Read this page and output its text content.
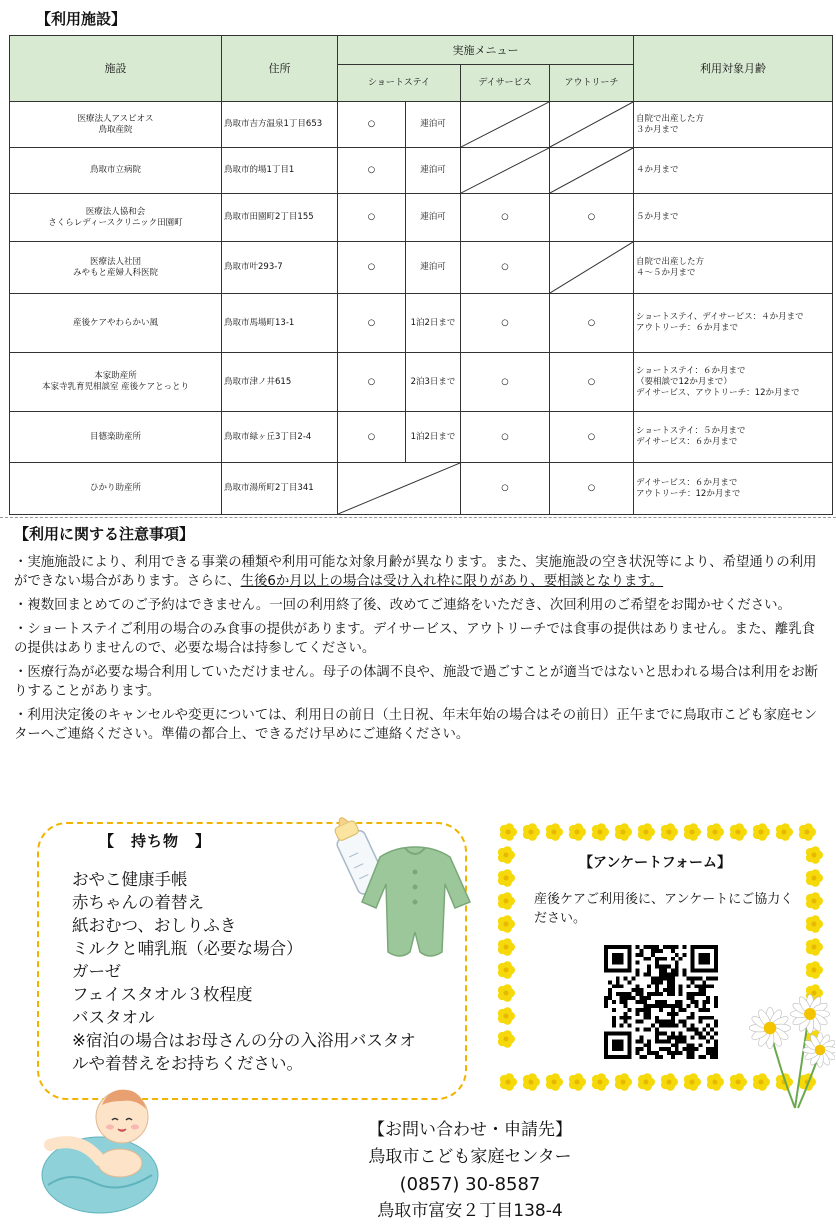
【利用施設】
施設	住所	実施メニュー				利用対象月齢
		ショートステイ		デイサービス	アウトリーチ	
医療法人アスピオス
鳥取産院	鳥取市吉方温泉1丁目653	○	連泊可			自院で出産した方
３か月まで
鳥取市立病院	鳥取市的場1丁目1	○	連泊可			４か月まで
医療法人協和会
さくらレディースクリニック田園町	鳥取市田園町2丁目155	○	連泊可	○	○	５か月まで
医療法人社団
みやもと産婦人科医院	鳥取市叶293-7	○	連泊可	○		自院で出産した方
４～５か月まで
産後ケアやわらかい風	鳥取市馬場町13-1	○	1泊2日まで	○	○	ショートステイ、デイサービス：４か月まで
アウトリーチ：６か月まで
本家助産所
本家寺乳育児相談室 産後ケアとっとり	鳥取市津ノ井615	○	2泊3日まで	○	○	ショートステイ：６か月まで
（要相談で12か月まで）
デイサービス、アウトリーチ：12か月まで
目德楽助産所	鳥取市緑ヶ丘3丁目2-4	○	1泊2日まで	○	○	ショートステイ：５か月まで
デイサービス：６か月まで
ひかり助産所	鳥取市湯所町2丁目341			○	○	デイサービス：６か月まで
アウトリーチ：12か月まで
【利用に関する注意事項】

・実施施設により、利用できる事業の種類や利用可能な対象月齢が異なります。また、実施施設の空き状況等により、希望通りの利用ができない場合があります。さらに、生後6か月以上の場合は受け入れ枠に限りがあり、要相談となります。

・複数回まとめてのご予約はできません。一回の利用終了後、改めてご連絡をいただき、次回利用のご希望をお聞かせください。

・ショートステイご利用の場合のみ食事の提供があります。デイサービス、アウトリーチでは食事の提供はありません。また、離乳食の提供はありませんので、必要な場合は持参してください。

・医療行為が必要な場合利用していただけません。母子の体調不良や、施設で過ごすことが適当ではないと思われる場合は利用をお断りすることがあります。

・利用決定後のキャンセルや変更については、利用日の前日（土日祝、年末年始の場合はその前日）正午までに鳥取市こども家庭センターへご連絡ください。準備の都合上、できるだけ早めにご連絡ください。

【　持ち物　】
おやこ健康手帳
赤ちゃんの着替え
紙おむつ、おしりふき
ミルクと哺乳瓶（必要な場合）
ガーゼ
フェイスタオル３枚程度
バスタオル
※宿泊の場合はお母さんの分の入浴用バスタオルや着替えをお持ちください。
【アンケートフォーム】
産後ケアご利用後に、アンケートにご協力ください。
【お問い合わせ・申請先】
鳥取市こども家庭センター
(0857) 30-8587
鳥取市富安２丁目138-4
